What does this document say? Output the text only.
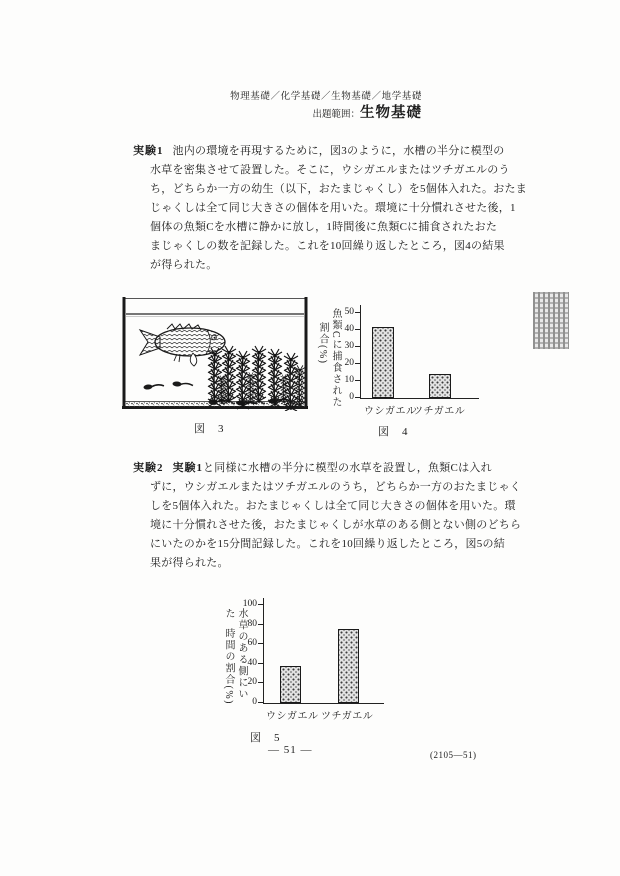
物理基礎／化学基礎／生物基礎／地学基礎
出題範囲：生物基礎
実験1 池内の環境を再現するために，図3のように，水槽の半分に模型の
水草を密集させて設置した。そこに，ウシガエルまたはツチガエルのう
ち，どちらか一方の幼生（以下，おたまじゃくし）を5個体入れた。おたま
じゃくしは全て同じ大きさの個体を用いた。環境に十分慣れさせた後，1
個体の魚類Cを水槽に静かに放し，1時間後に魚類Cに捕食されたおた
まじゃくしの数を記録した。これを10回繰り返したところ，図4の結果
が得られた。
図　3
魚類Cに捕食された割合(%)
0
10
20
30
40
50
ウシガエル
ツチガエル
図　4
実験2 実験1と同様に水槽の半分に模型の水草を設置し，魚類Cは入れ
ずに，ウシガエルまたはツチガエルのうち，どちらか一方のおたまじゃく
しを5個体入れた。おたまじゃくしは全て同じ大きさの個体を用いた。環
境に十分慣れさせた後，おたまじゃくしが水草のある側とない側のどちら
にいたのかを15分間記録した。これを10回繰り返したところ，図5の結
果が得られた。
水草のある側にいた時間の割合(%)	0
20
40
60
80
100
ウシガエル ツチガエル
図　5
— 51 —	(2105—51)
